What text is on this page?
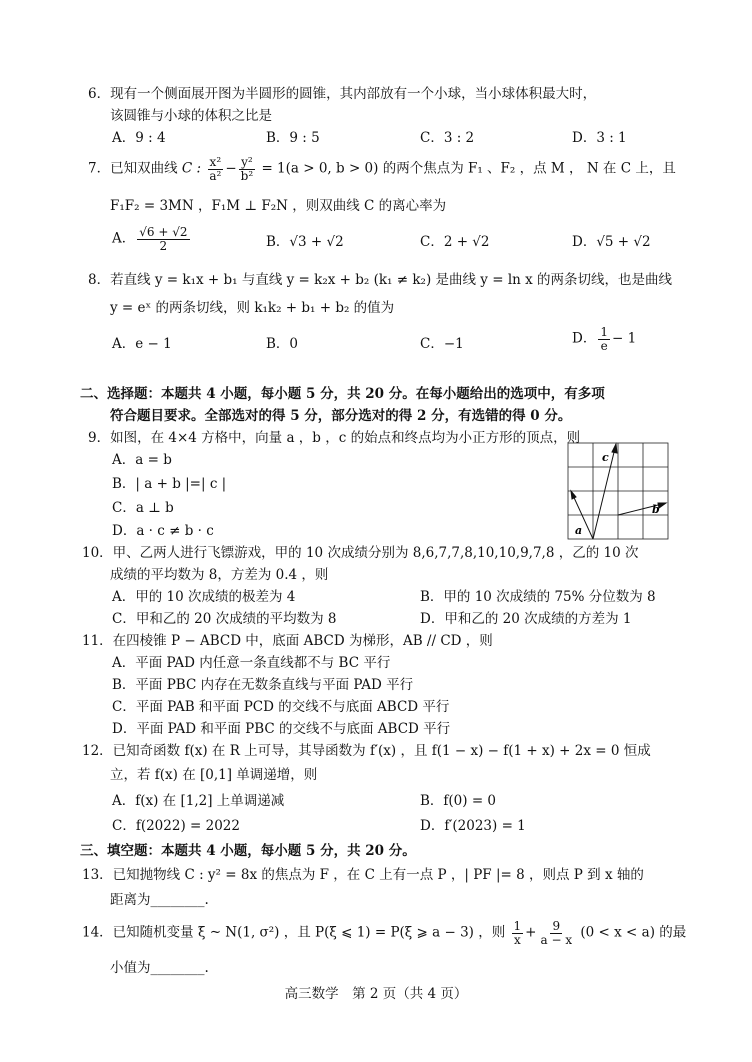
6．现有一个侧面展开图为半圆形的圆锥，其内部放有一个小球，当小球体积最大时，
该圆锥与小球的体积之比是
A．9 : 4	B．9 : 5	C．3 : 2	D．3 : 1
7．已知双曲线 C : $\frac{\text{x²}}{\text{a²}} - \frac{\text{y²}}{\text{b²}} = 1(a > 0$, b > 0) 的两个焦点为 F₁ 、F₂ ，点 M ， N 在 C 上，且
F₁F₂ = 3MN ，F₁M ⊥ F₂N ，则双曲线 C 的离心率为
A． $\frac{√6 + √2}{2}$	B．√3 + √2	C．2 + √2	D．√5 + √2
8．若直线 y = k₁x + b₁ 与直线 y = k₂x + b₂ (k₁ ≠ k₂) 是曲线 y = ln x 的两条切线，也是曲线
y = eˣ 的两条切线，则 k₁k₂ + b₁ + b₂ 的值为
A．e − 1	B．0	C．−1	D． $\frac{1}{e} - 1$
二、选择题：本题共 4 小题，每小题 5 分，共 20 分。在每小题给出的选项中，有多项
符合题目要求。全部选对的得 5 分，部分选对的得 2 分，有选错的得 0 分。
9．如图，在 4×4 方格中，向量 a ，b ，c 的始点和终点均为小正方形的顶点，则
A．a = b
B．| a + b |=| c |
C．a ⊥ b
D．a · c ≠ b · c	a
c
b
10．甲、乙两人进行飞镖游戏，甲的 10 次成绩分别为 8,6,7,7,8,10,10,9,7,8 ，乙的 10 次
成绩的平均数为 8，方差为 0.4 ，则
A．甲的 10 次成绩的极差为 4	B．甲的 10 次成绩的 75% 分位数为 8
C．甲和乙的 20 次成绩的平均数为 8	D．甲和乙的 20 次成绩的方差为 1
11．在四棱锥 P − ABCD 中，底面 ABCD 为梯形，AB // CD ，则
A．平面 PAD 内任意一条直线都不与 BC 平行
B．平面 PBC 内存在无数条直线与平面 PAD 平行
C．平面 PAB 和平面 PCD 的交线不与底面 ABCD 平行
D．平面 PAD 和平面 PBC 的交线不与底面 ABCD 平行
12．已知奇函数 f(x) 在 R 上可导，其导函数为 f′(x) ，且 f(1 − x) − f(1 + x) + 2x = 0 恒成
立，若 f(x) 在 [0,1] 单调递增，则
A．f(x) 在 [1,2] 上单调递减	B．f(0) = 0
C．f(2022) = 2022	D．f′(2023) = 1
三、填空题：本题共 4 小题，每小题 5 分，共 20 分。
13．已知抛物线 C : y² = 8x 的焦点为 F ，在 C 上有一点 P ，| PF |= 8 ，则点 P 到 x 轴的
距离为________.
14．已知随机变量 ξ ~ N(1, σ²) ，且 P(ξ ⩽ 1) = P(ξ ⩾ a − 3) ，则 $\frac{1}{x} + \frac{9}{a - x} (0 < x < a)$ 的最
小值为________.
高三数学　第 2 页（共 4 页）
